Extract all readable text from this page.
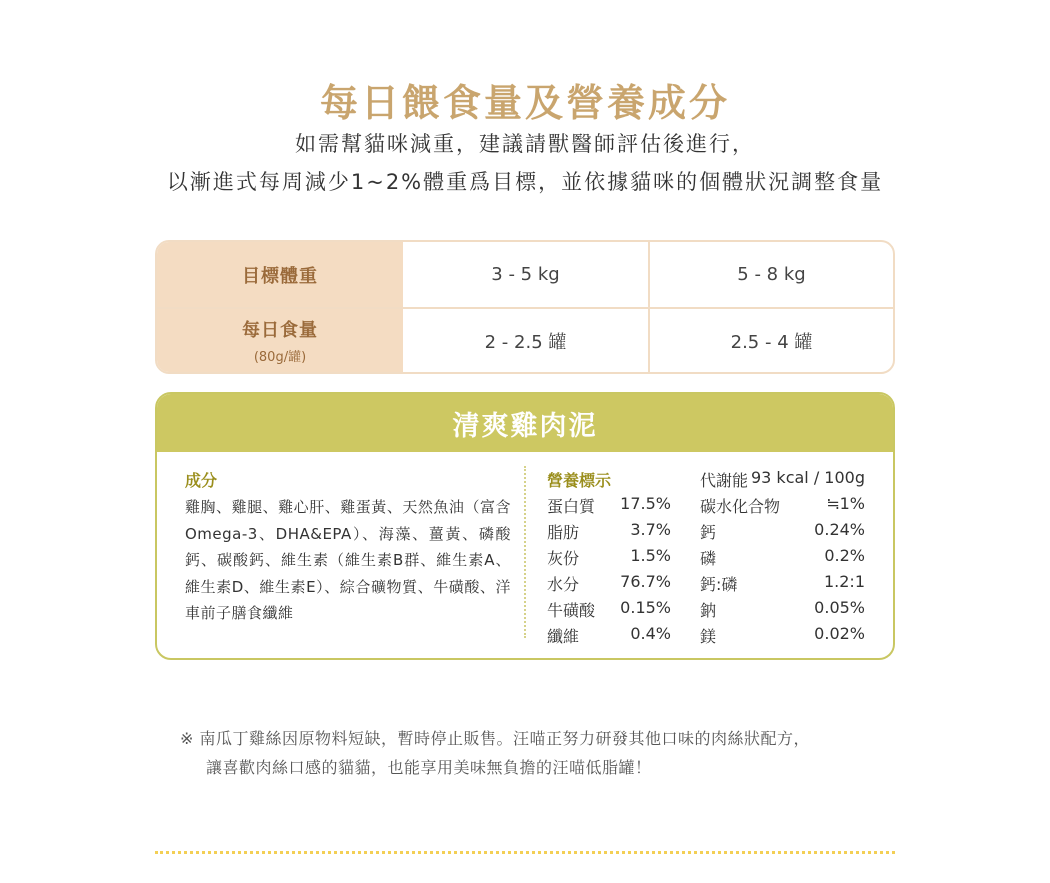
每日餵食量及營養成分
如需幫貓咪減重，建議請獸醫師評估後進行，
以漸進式每周減少1~2%體重爲目標，並依據貓咪的個體狀況調整食量
目標體重	3 - 5 kg	5 - 8 kg
每日食量
(80g/罐)
2 - 2.5 罐	2.5 - 4 罐
清爽雞肉泥
成分
雞胸、雞腿、雞心肝、雞蛋黃、天然魚油（富含Omega-3、DHA&EPA）、海藻、薑黃、磷酸鈣、碳酸鈣、維生素（維生素B群、維生素A、維生素D、維生素E）、綜合礦物質、牛磺酸、洋車前子膳食纖維
營養標示	代謝能 93 kcal / 100g
蛋白質 17.5%
脂肪	3.7%
灰份	1.5%
水分	76.7%
牛磺酸 0.15%
纖維	0.4%
碳水化合物	≒1%
鈣	0.24%
磷	0.2%
鈣:磷	1.2:1
鈉	0.05%
鎂	0.02%
※ 南瓜丁雞絲因原物料短缺，暫時停止販售。汪喵正努力研發其他口味的肉絲狀配方，
讓喜歡肉絲口感的貓貓，也能享用美味無負擔的汪喵低脂罐！
